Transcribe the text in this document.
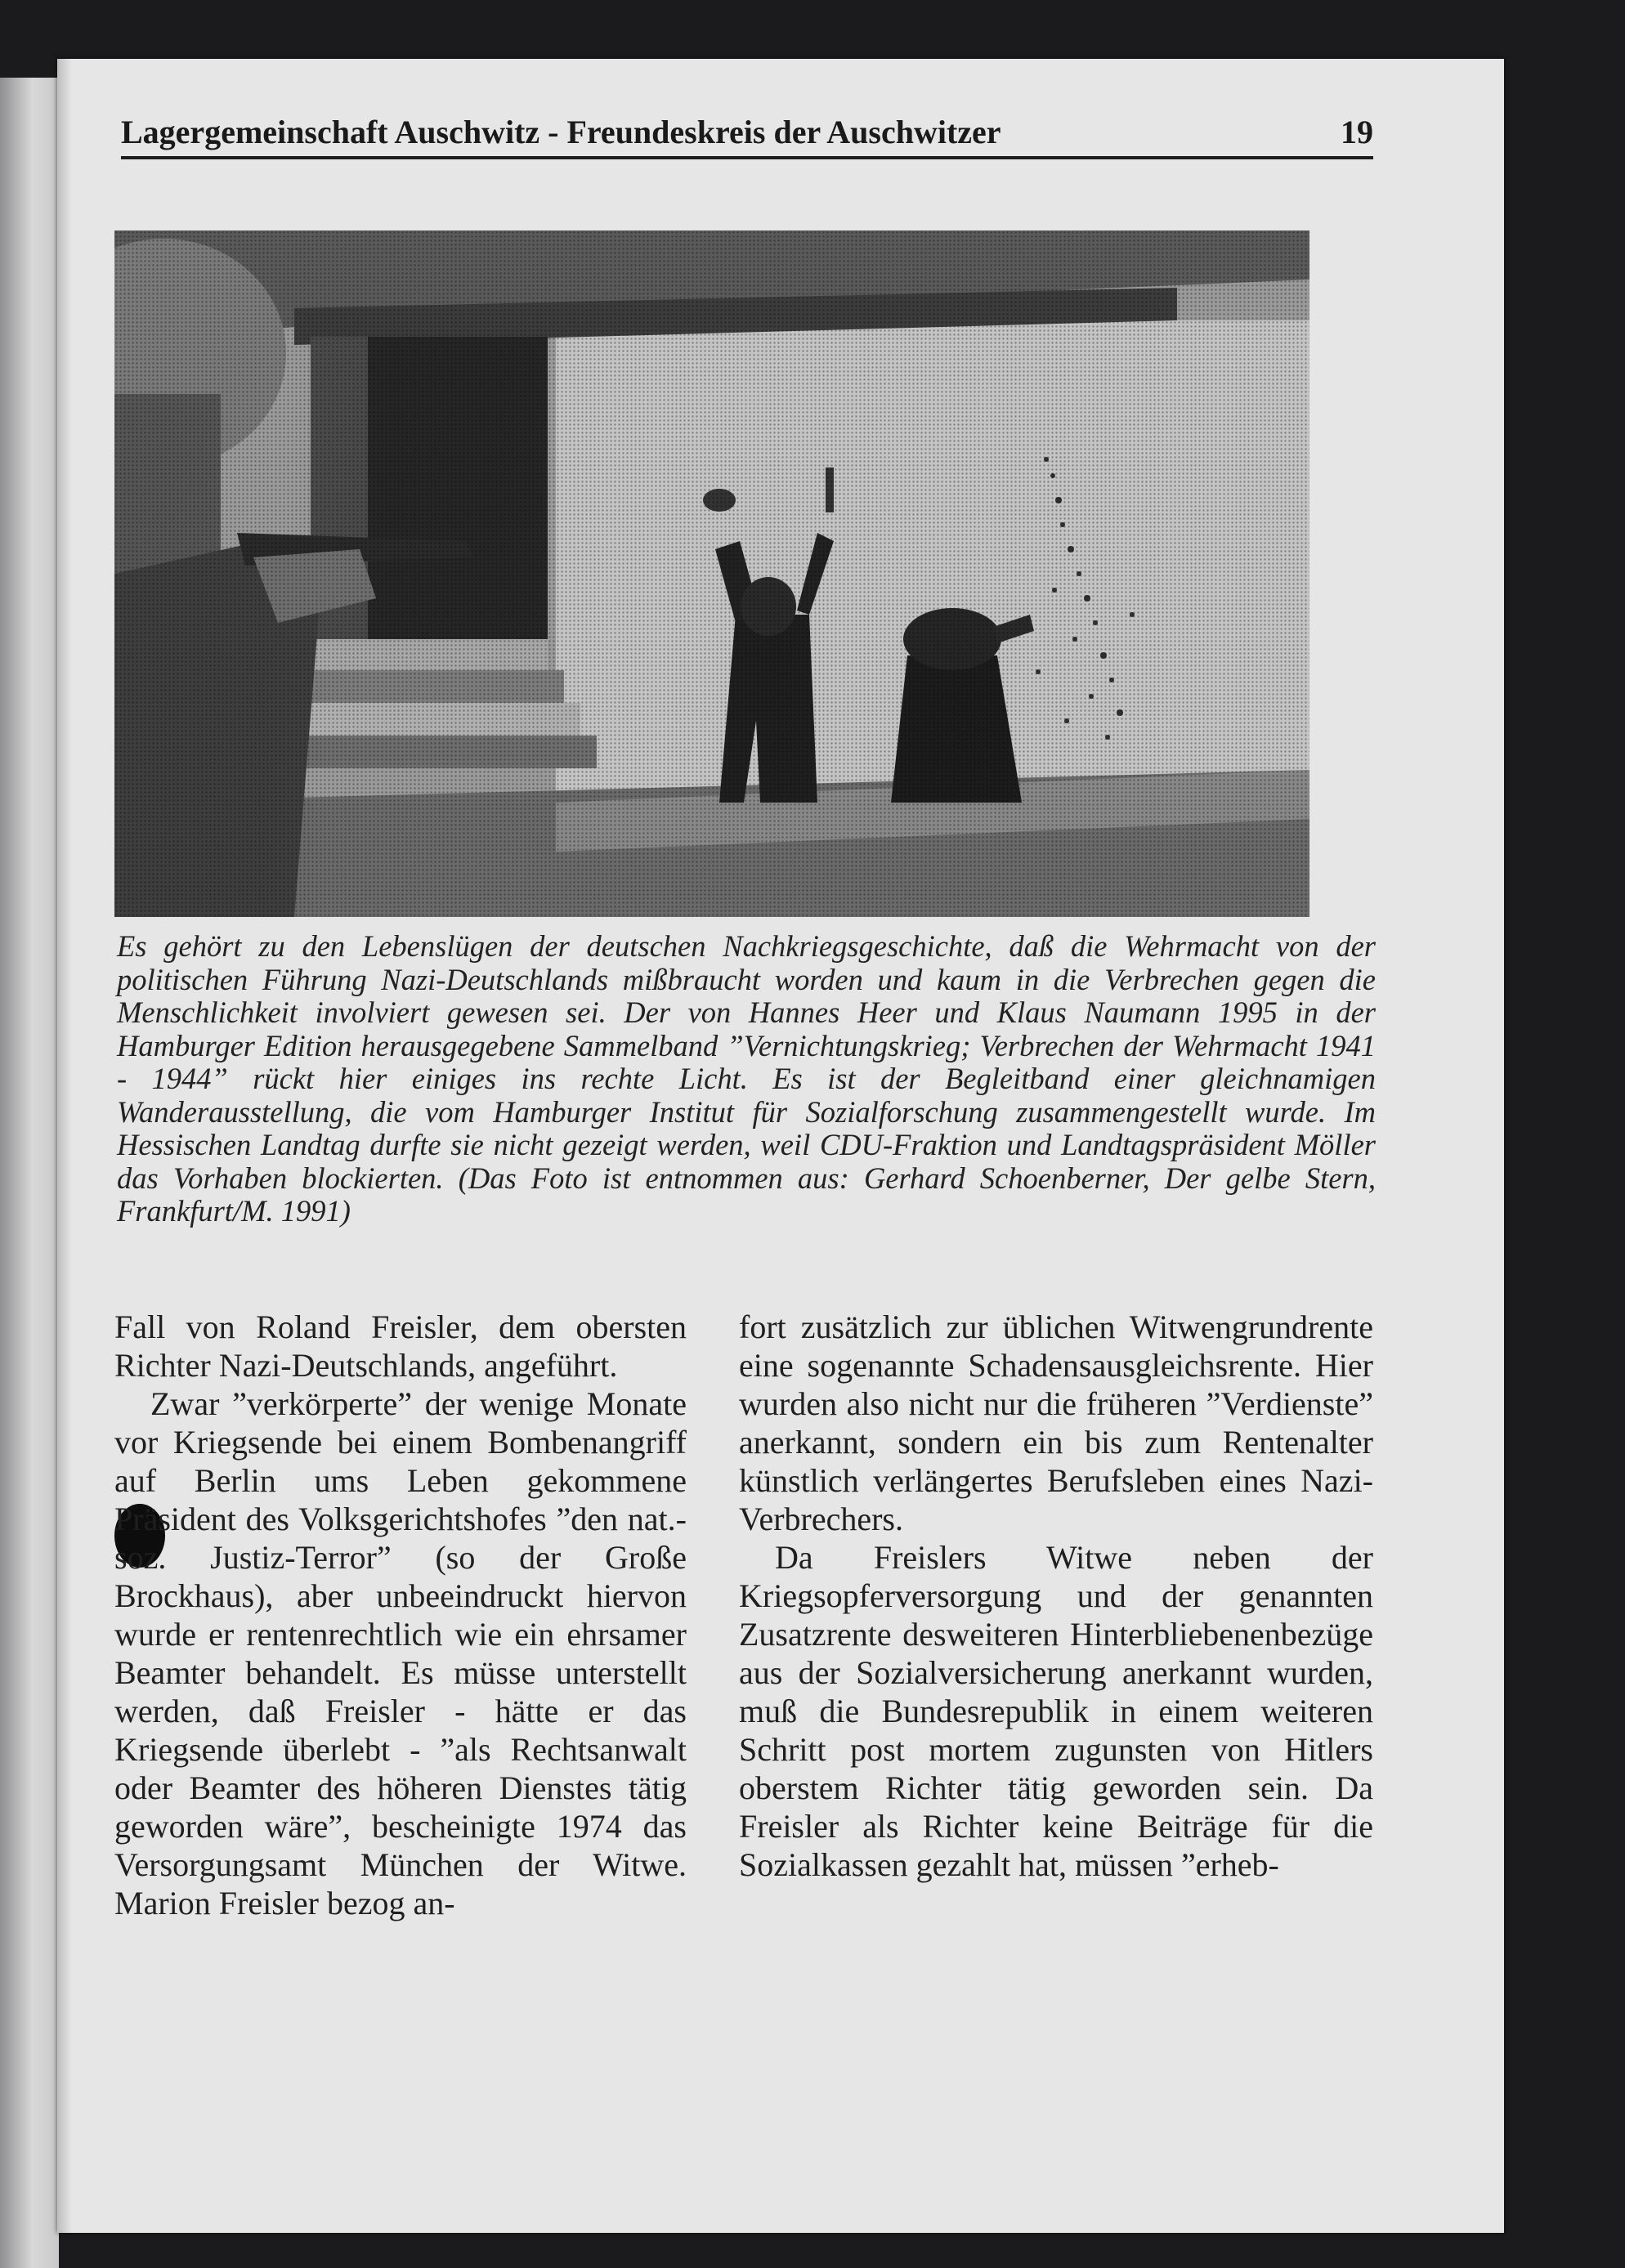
Lagergemeinschaft Auschwitz - Freundeskreis der Auschwitzer	19

Es gehört zu den Lebenslügen der deutschen Nachkriegsgeschichte, daß die Wehrmacht von der politischen Führung Nazi-Deutschlands mißbraucht worden und kaum in die Verbrechen gegen die Menschlichkeit involviert gewesen sei. Der von Hannes Heer und Klaus Naumann 1995 in der Hamburger Edition herausgegebene Sammelband ”Vernichtungskrieg; Verbrechen der Wehrmacht 1941 - 1944” rückt hier einiges ins rechte Licht. Es ist der Begleitband einer gleichnamigen Wanderausstellung, die vom Hamburger Institut für Sozialforschung zusammengestellt wurde. Im Hessischen Landtag durfte sie nicht gezeigt werden, weil CDU-Fraktion und Landtagspräsident Möller das Vorhaben blockierten. (Das Foto ist entnommen aus: Gerhard Schoenberner, Der gelbe Stern, Frankfurt/M. 1991)

Fall von Roland Freisler, dem obersten Richter Nazi-Deutschlands, angeführt.

Zwar ”verkörperte” der wenige Monate vor Kriegsende bei einem Bombenangriff auf Berlin ums Leben gekommene Präsident des Volksgerichtshofes ”den nat.-soz. Justiz-Terror” (so der Große Brockhaus), aber unbeeindruckt hiervon wurde er rentenrechtlich wie ein ehrsamer Beamter behandelt. Es müsse unterstellt werden, daß Freisler - hätte er das Kriegsende überlebt - ”als Rechtsanwalt oder Beamter des höheren Dienstes tätig geworden wäre”, bescheinigte 1974 das Versorgungsamt München der Witwe. Marion Freisler bezog an-

fort zusätzlich zur üblichen Witwengrundrente eine sogenannte Schadensausgleichsrente. Hier wurden also nicht nur die früheren ”Verdienste” anerkannt, sondern ein bis zum Rentenalter künstlich verlängertes Berufsleben eines Nazi-Verbrechers.

Da Freislers Witwe neben der Kriegsopferversorgung und der genannten Zusatzrente desweiteren Hinterbliebenenbezüge aus der Sozialversicherung anerkannt wurden, muß die Bundesrepublik in einem weiteren Schritt post mortem zugunsten von Hitlers oberstem Richter tätig geworden sein. Da Freisler als Richter keine Beiträge für die Sozialkassen gezahlt hat, müssen ”erheb-
